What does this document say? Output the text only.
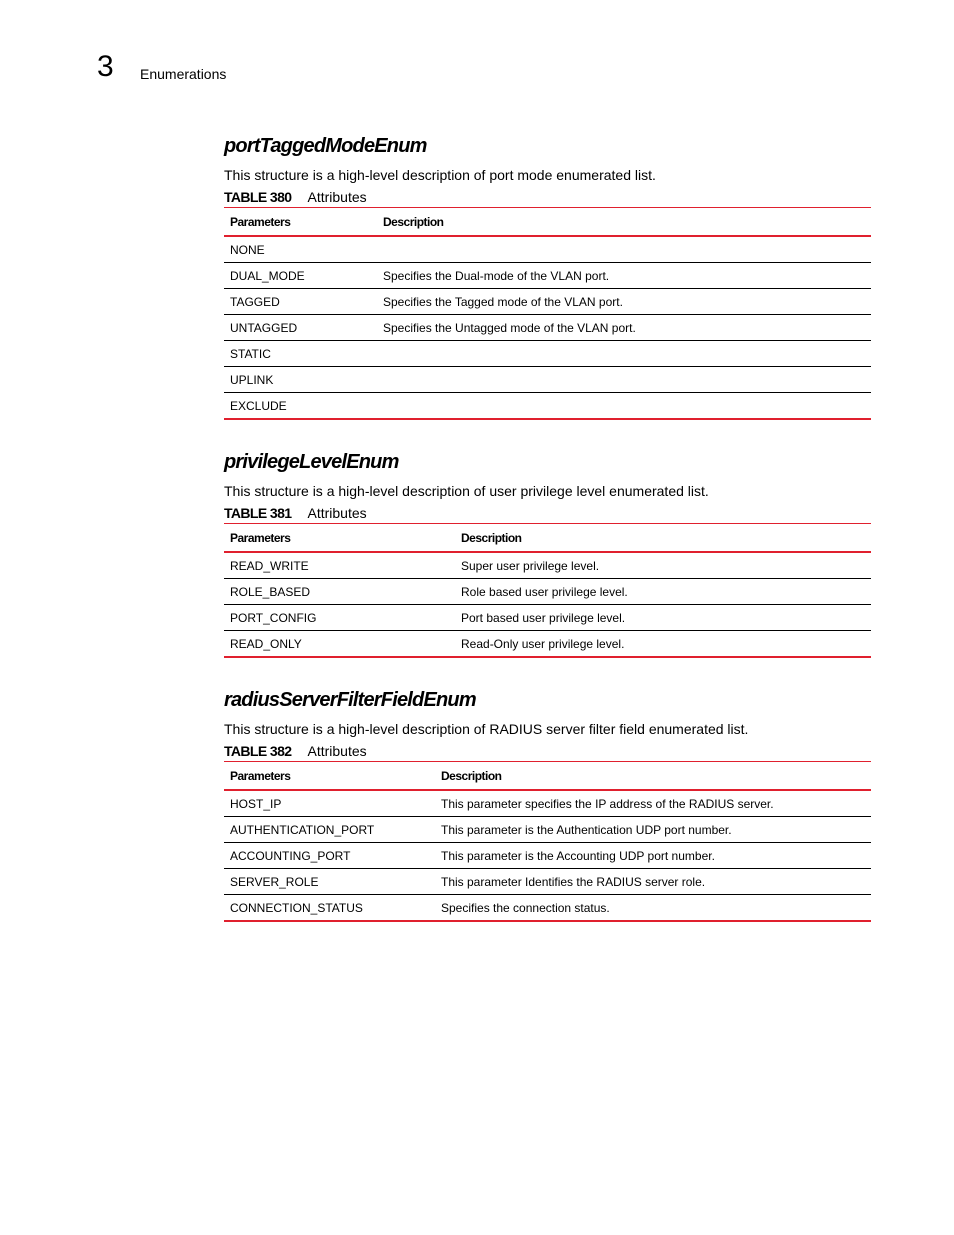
3 Enumerations
portTaggedModeEnum

This structure is a high-level description of port mode enumerated list.

TABLE 380 Attributes
Parameters	Description
NONE	
DUAL_MODE	Specifies the Dual-mode of the VLAN port.
TAGGED	Specifies the Tagged mode of the VLAN port.
UNTAGGED	Specifies the Untagged mode of the VLAN port.
STATIC	
UPLINK	
EXCLUDE	
privilegeLevelEnum

This structure is a high-level description of user privilege level enumerated list.

TABLE 381 Attributes
Parameters	Description
READ_WRITE	Super user privilege level.
ROLE_BASED	Role based user privilege level.
PORT_CONFIG	Port based user privilege level.
READ_ONLY	Read-Only user privilege level.
radiusServerFilterFieldEnum

This structure is a high-level description of RADIUS server filter field enumerated list.

TABLE 382 Attributes
Parameters	Description
HOST_IP	This parameter specifies the IP address of the RADIUS server.
AUTHENTICATION_PORT	This parameter is the Authentication UDP port number.
ACCOUNTING_PORT	This parameter is the Accounting UDP port number.
SERVER_ROLE	This parameter Identifies the RADIUS server role.
CONNECTION_STATUS	Specifies the connection status.
